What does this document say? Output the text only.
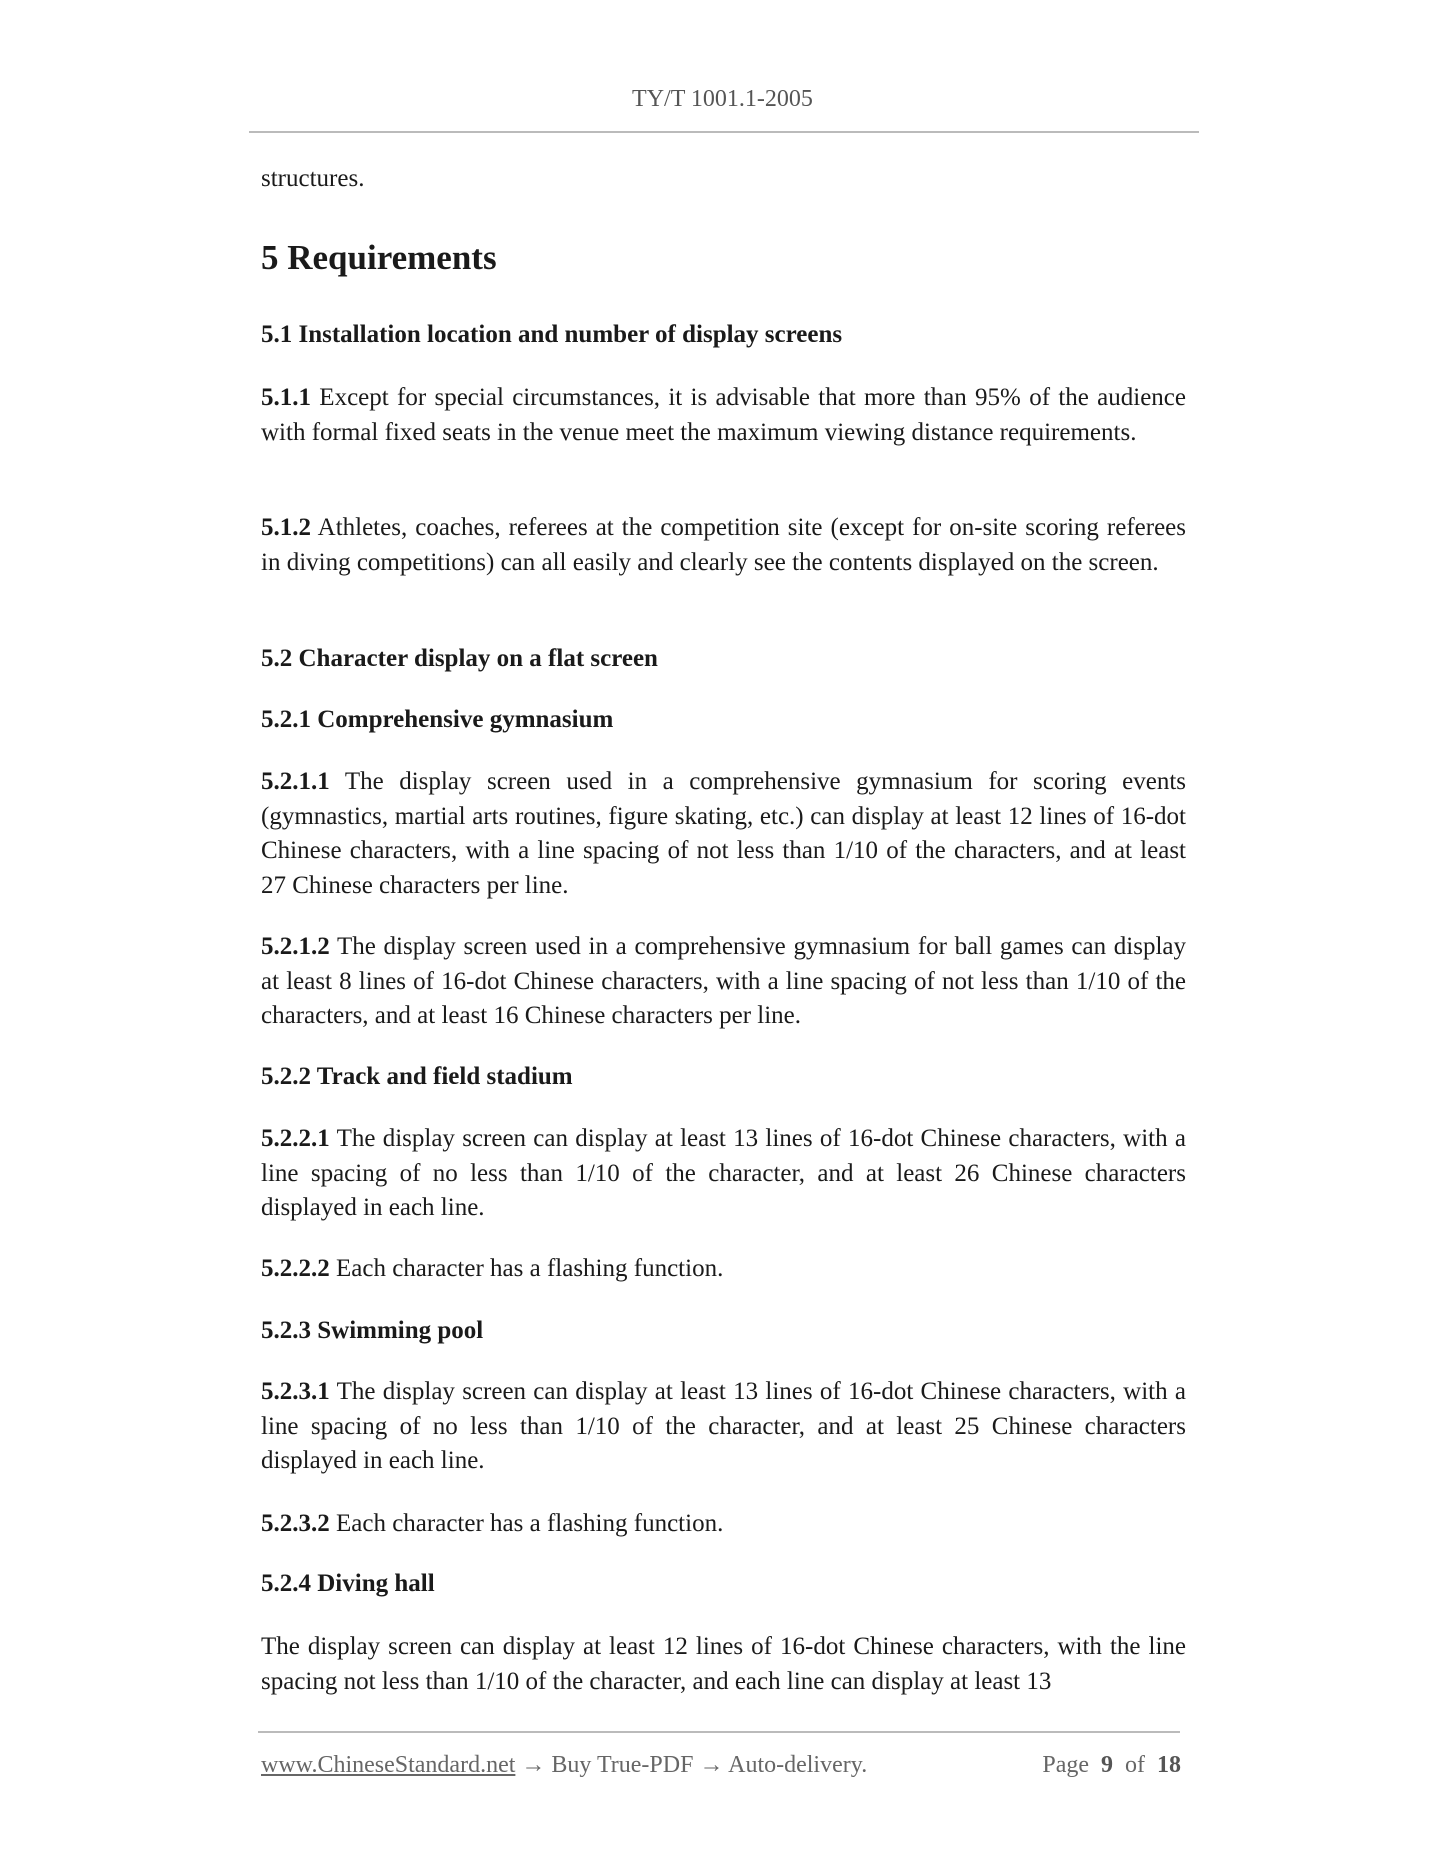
TY/T 1001.1-2005
structures.
5 Requirements
5.1 Installation location and number of display screens
5.1.1 Except for special circumstances, it is advisable that more than 95% of the audience with formal fixed seats in the venue meet the maximum viewing distance requirements.
5.1.2 Athletes, coaches, referees at the competition site (except for on-site scoring referees in diving competitions) can all easily and clearly see the contents displayed on the screen.
5.2 Character display on a flat screen
5.2.1 Comprehensive gymnasium
5.2.1.1 The display screen used in a comprehensive gymnasium for scoring events (gymnastics, martial arts routines, figure skating, etc.) can display at least 12 lines of 16-dot Chinese characters, with a line spacing of not less than 1/10 of the characters, and at least 27 Chinese characters per line.
5.2.1.2 The display screen used in a comprehensive gymnasium for ball games can display at least 8 lines of 16-dot Chinese characters, with a line spacing of not less than 1/10 of the characters, and at least 16 Chinese characters per line.
5.2.2 Track and field stadium
5.2.2.1 The display screen can display at least 13 lines of 16-dot Chinese characters, with a line spacing of no less than 1/10 of the character, and at least 26 Chinese characters displayed in each line.
5.2.2.2 Each character has a flashing function.
5.2.3 Swimming pool
5.2.3.1 The display screen can display at least 13 lines of 16-dot Chinese characters, with a line spacing of no less than 1/10 of the character, and at least 25 Chinese characters displayed in each line.
5.2.3.2 Each character has a flashing function.
5.2.4 Diving hall
The display screen can display at least 12 lines of 16-dot Chinese characters, with the line spacing not less than 1/10 of the character, and each line can display at least 13
www.ChineseStandard.net → Buy True-PDF → Auto-delivery.	Page 9 of 18
